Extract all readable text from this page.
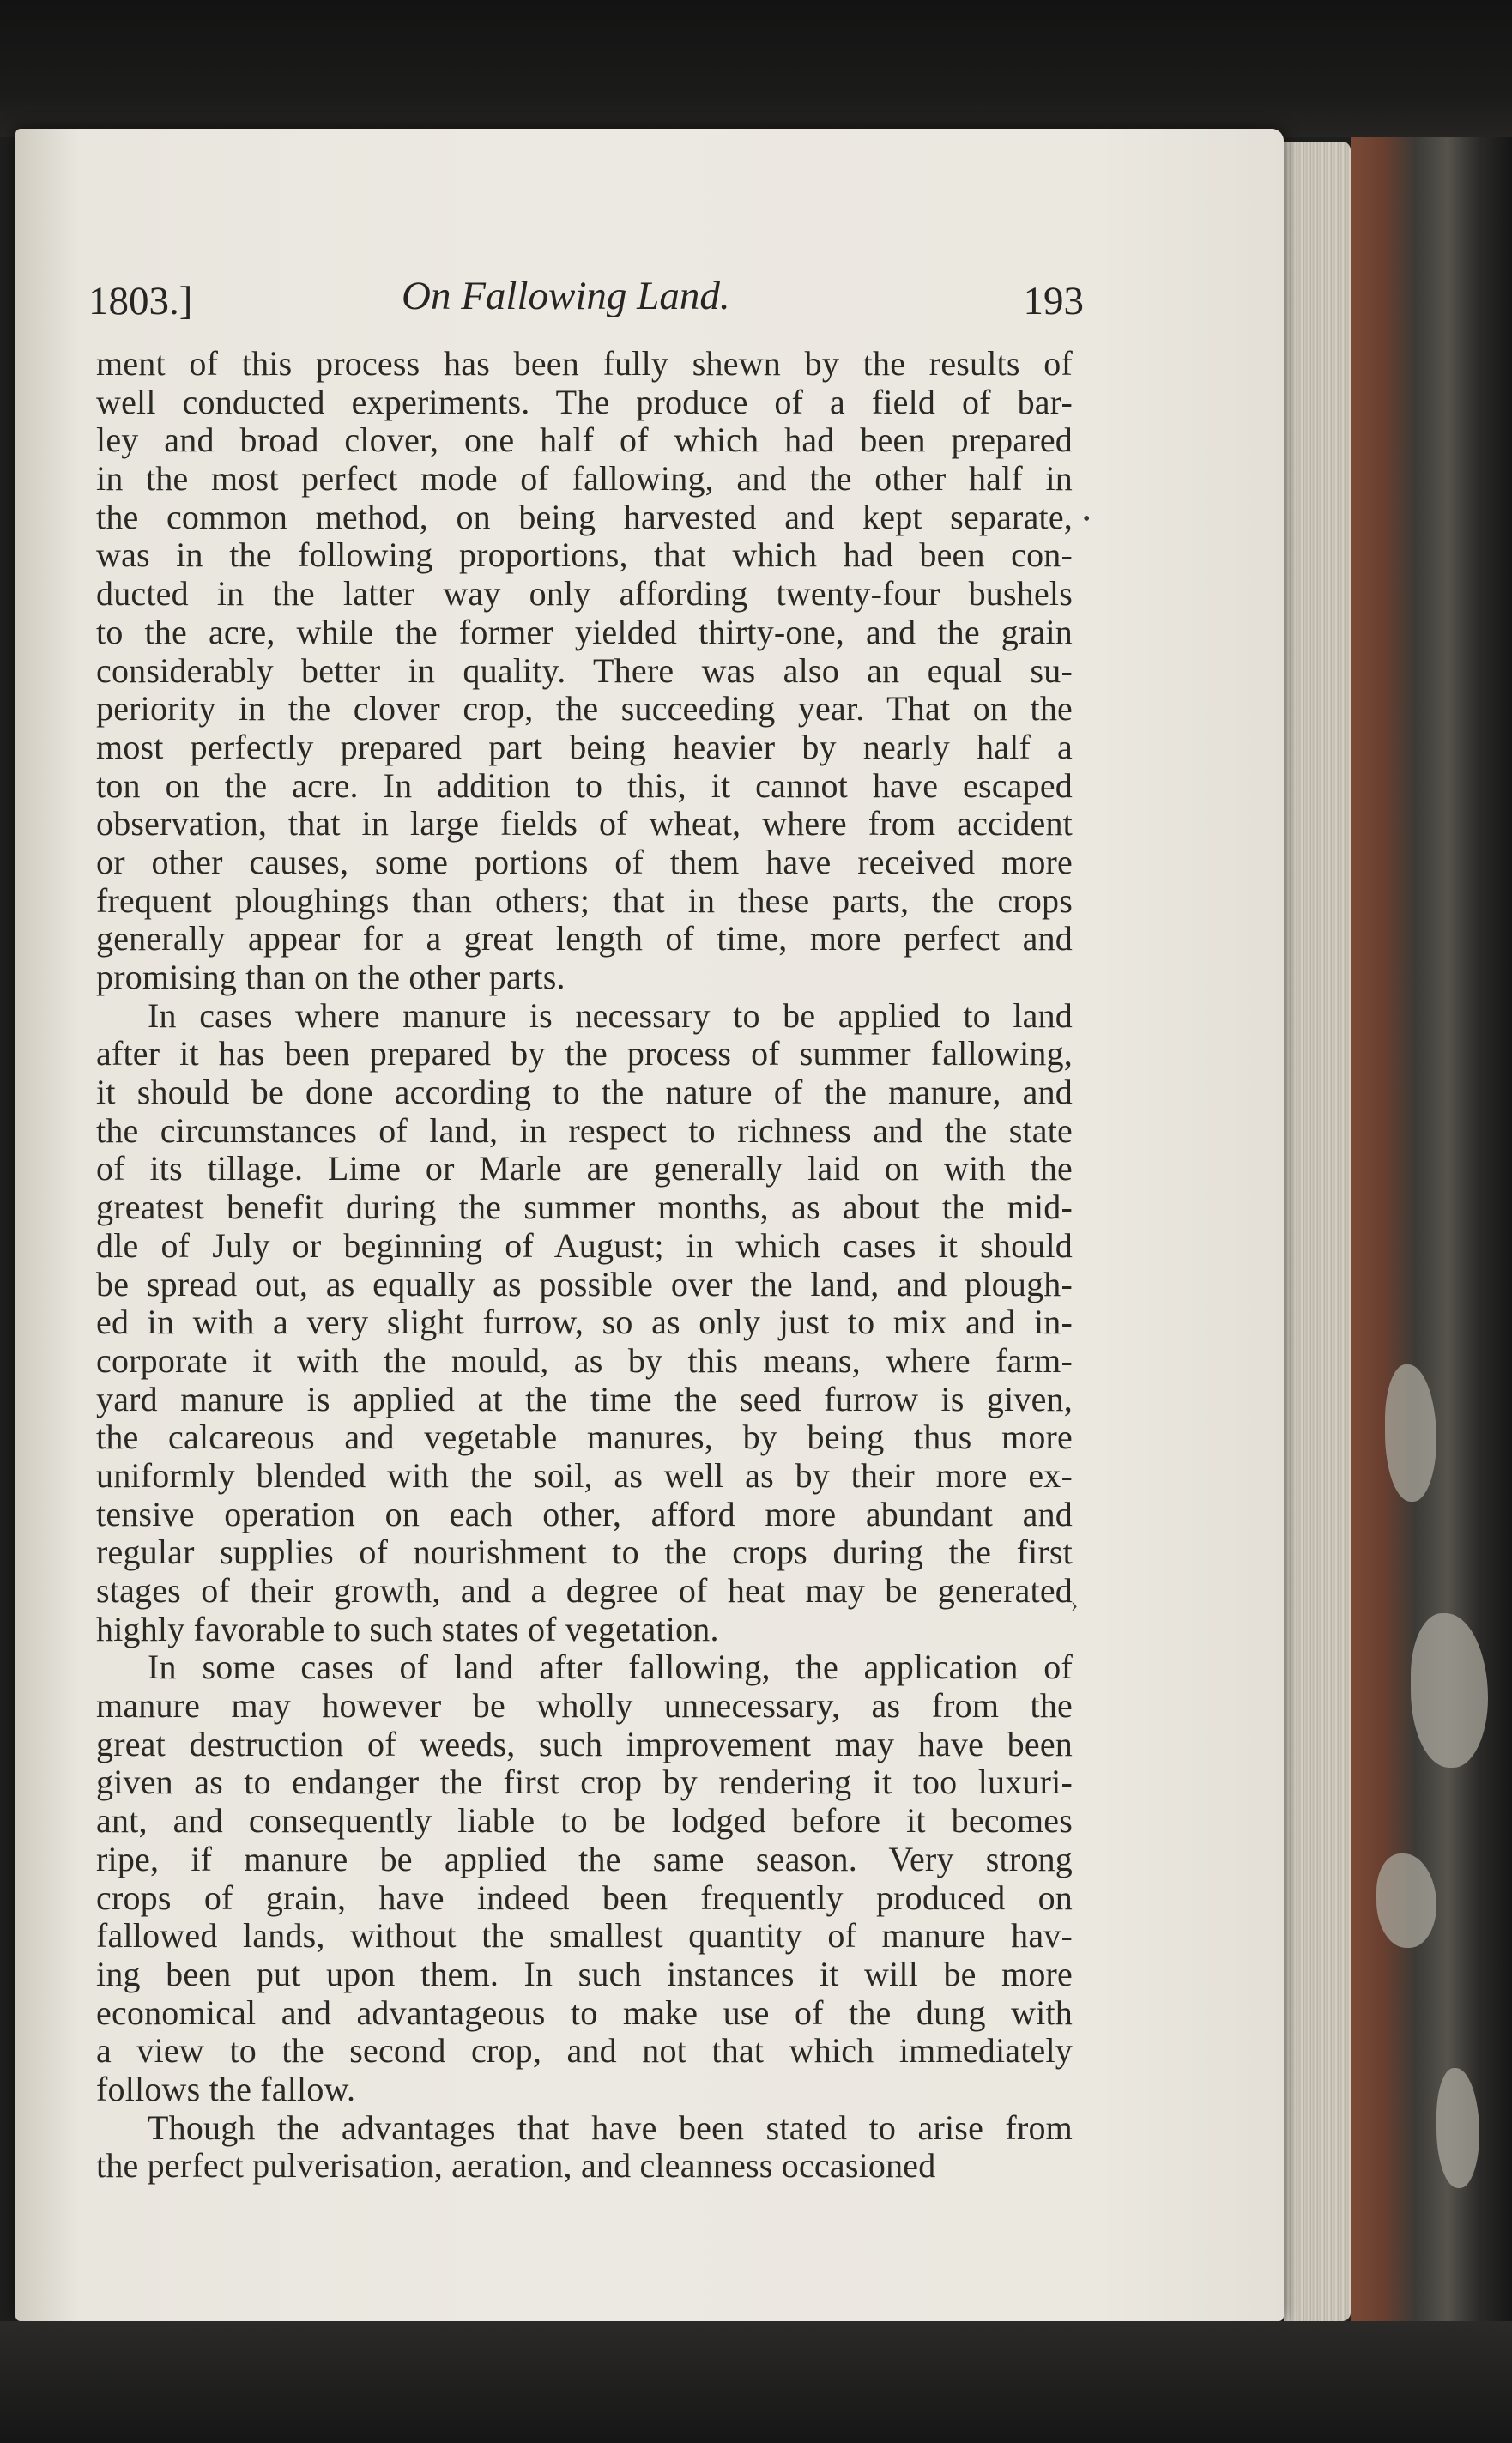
1803.]	On Fallowing Land.	193
ment of this process has been fully shewn by the results of
well conducted experiments. The produce of a field of bar-
ley and broad clover, one half of which had been prepared
in the most perfect mode of fallowing, and the other half in
the common method, on being harvested and kept separate,
was in the following proportions, that which had been con-
ducted in the latter way only affording twenty-four bushels
to the acre, while the former yielded thirty-one, and the grain
considerably better in quality. There was also an equal su-
periority in the clover crop, the succeeding year. That on the
most perfectly prepared part being heavier by nearly half a
ton on the acre. In addition to this, it cannot have escaped
observation, that in large fields of wheat, where from accident
or other causes, some portions of them have received more
frequent ploughings than others; that in these parts, the crops
generally appear for a great length of time, more perfect and
promising than on the other parts.
In cases where manure is necessary to be applied to land
after it has been prepared by the process of summer fallowing,
it should be done according to the nature of the manure, and
the circumstances of land, in respect to richness and the state
of its tillage. Lime or Marle are generally laid on with the
greatest benefit during the summer months, as about the mid-
dle of July or beginning of August; in which cases it should
be spread out, as equally as possible over the land, and plough-
ed in with a very slight furrow, so as only just to mix and in-
corporate it with the mould, as by this means, where farm-
yard manure is applied at the time the seed furrow is given,
the calcareous and vegetable manures, by being thus more
uniformly blended with the soil, as well as by their more ex-
tensive operation on each other, afford more abundant and
regular supplies of nourishment to the crops during the first
stages of their growth, and a degree of heat may be generated
highly favorable to such states of vegetation.
In some cases of land after fallowing, the application of
manure may however be wholly unnecessary, as from the
great destruction of weeds, such improvement may have been
given as to endanger the first crop by rendering it too luxuri-
ant, and consequently liable to be lodged before it becomes
ripe, if manure be applied the same season. Very strong
crops of grain, have indeed been frequently produced on
fallowed lands, without the smallest quantity of manure hav-
ing been put upon them. In such instances it will be more
economical and advantageous to make use of the dung with
a view to the second crop, and not that which immediately
follows the fallow.
Though the advantages that have been stated to arise from
the perfect pulverisation, aeration, and cleanness occasioned
•
›
